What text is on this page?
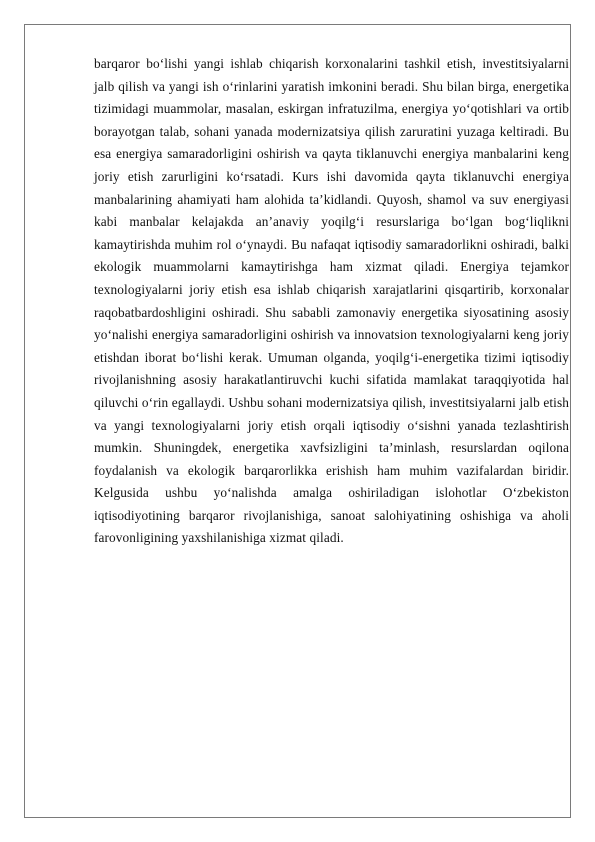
barqaror bo‘lishi yangi ishlab chiqarish korxonalarini tashkil etish, investitsiyalarni jalb qilish va yangi ish o‘rinlarini yaratish imkonini beradi. Shu bilan birga, energetika tizimidagi muammolar, masalan, eskirgan infratuzilma, energiya yo‘qotishlari va ortib borayotgan talab, sohani yanada modernizatsiya qilish zaruratini yuzaga keltiradi. Bu esa energiya samaradorligini oshirish va qayta tiklanuvchi energiya manbalarini keng joriy etish zarurligini ko‘rsatadi. Kurs ishi davomida qayta tiklanuvchi energiya manbalarining ahamiyati ham alohida ta’kidlandi. Quyosh, shamol va suv energiyasi kabi manbalar kelajakda an’anaviy yoqilg‘i resurslariga bo‘lgan bog‘liqlikni kamaytirishda muhim rol o‘ynaydi. Bu nafaqat iqtisodiy samaradorlikni oshiradi, balki ekologik muammolarni kamaytirishga ham xizmat qiladi. Energiya tejamkor texnologiyalarni joriy etish esa ishlab chiqarish xarajatlarini qisqartirib, korxonalar raqobatbardoshligini oshiradi. Shu sababli zamonaviy energetika siyosatining asosiy yo‘nalishi energiya samaradorligini oshirish va innovatsion texnologiyalarni keng joriy etishdan iborat bo‘lishi kerak. Umuman olganda, yoqilg‘i-energetika tizimi iqtisodiy rivojlanishning asosiy harakatlantiruvchi kuchi sifatida mamlakat taraqqiyotida hal qiluvchi o‘rin egallaydi. Ushbu sohani modernizatsiya qilish, investitsiyalarni jalb etish va yangi texnologiyalarni joriy etish orqali iqtisodiy o‘sishni yanada tezlashtirish mumkin. Shuningdek, energetika xavfsizligini ta’minlash, resurslardan oqilona foydalanish va ekologik barqarorlikka erishish ham muhim vazifalardan biridir. Kelgusida ushbu yo‘nalishda amalga oshiriladigan islohotlar O‘zbekiston iqtisodiyotining barqaror rivojlanishiga, sanoat salohiyatining oshishiga va aholi farovonligining yaxshilanishiga xizmat qiladi.
